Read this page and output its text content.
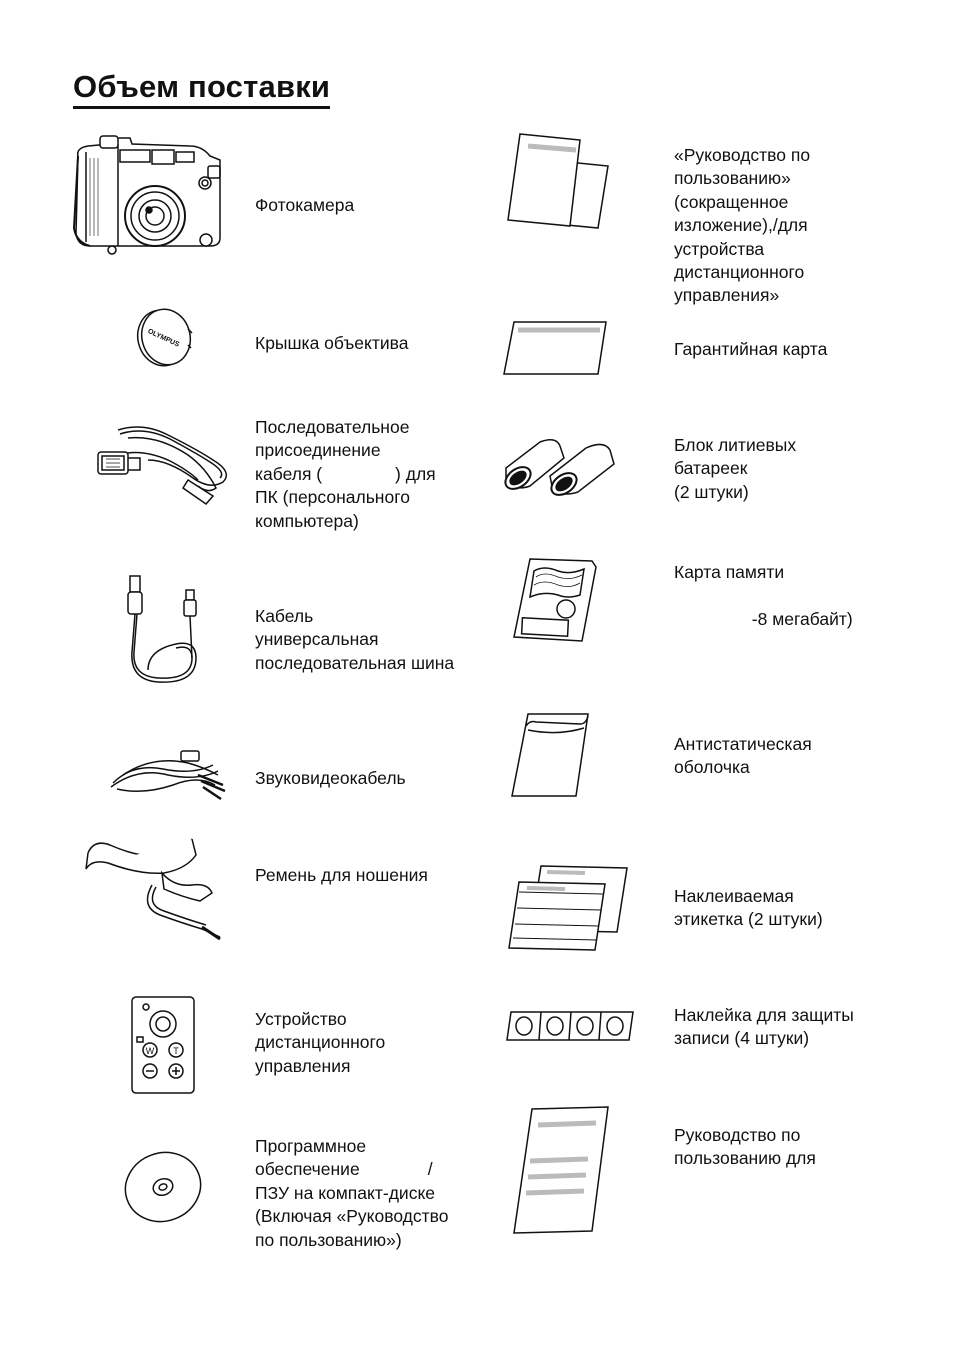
Объем поставки
Фотокамера
OLYMPUS	Крышка объектива
Последовательное
присоединение
кабеля (               ) для
ПК (персонального
компьютера)
Кабель
универсальная
последовательная шина
Звуковидеокабель
Ремень для ношения
W T
Устройство
дистанционного
управления
Программное
обеспечение              /
ПЗУ на компакт-диске
(Включая «Руководство
по пользованию»)
«Руководство по
пользованию»
(сокращенное
изложение),/для
устройства
дистанционного
управления»
Гарантийная карта
Блок литиевых
батареек
(2 штуки)
Карта памяти

-8 мегабайт)
Антистатическая
оболочка
Наклеиваемая
этикетка (2 штуки)
Наклейка для защиты
записи (4 штуки)
Руководство по
пользованию для
